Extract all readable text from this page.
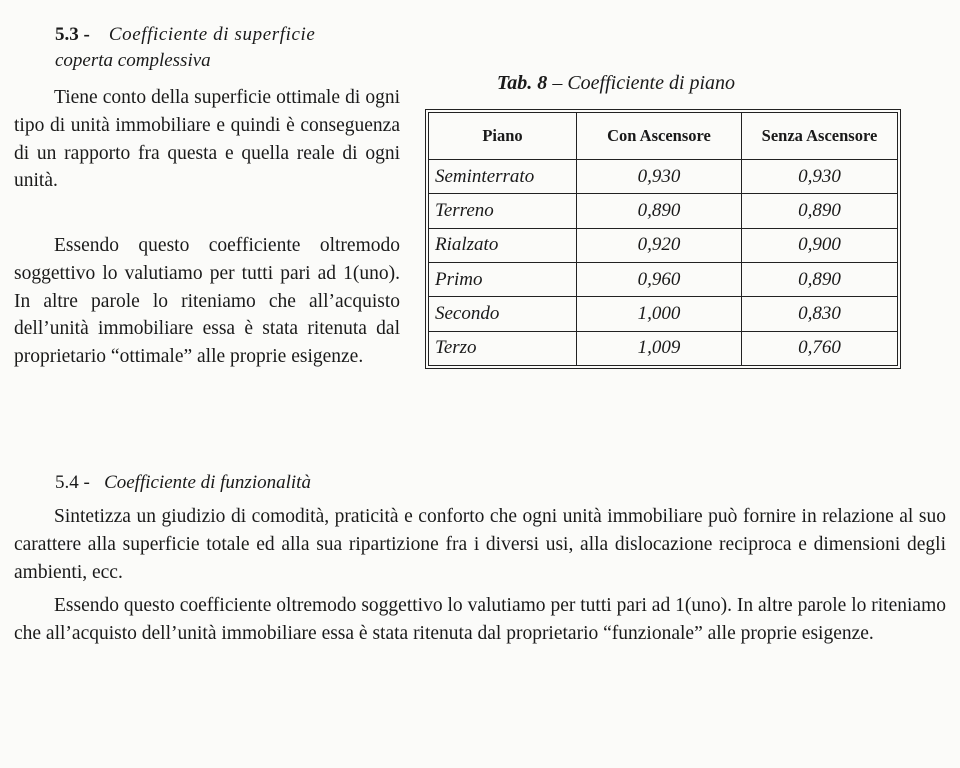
5.3 - Coefficiente di superficie
coperta complessiva
Tiene conto della superficie ottimale di ogni tipo di unità immobiliare e quindi è conseguenza di un rapporto fra questa e quella reale di ogni unità.
Essendo questo coefficiente oltremodo soggettivo lo valutiamo per tutti pari ad 1(uno). In altre parole lo riteniamo che all’acquisto dell’unità immobiliare essa è stata ritenuta dal proprietario “ottimale” alle proprie esigenze.
Tab. 8 – Coefficiente di piano
Piano	Con Ascensore	Senza Ascensore
Seminterrato	0,930	0,930
Terreno	0,890	0,890
Rialzato	0,920	0,900
Primo	0,960	0,890
Secondo	1,000	0,830
Terzo	1,009	0,760
5.4 - Coefficiente di funzionalità
Sintetizza un giudizio di comodità, praticità e conforto che ogni unità immobiliare può fornire in relazione al suo carattere alla superficie totale ed alla sua ripartizione fra i diversi usi, alla dislocazione reciproca e dimensioni degli ambienti, ecc.
Essendo questo coefficiente oltremodo soggettivo lo valutiamo per tutti pari ad 1(uno). In altre parole lo riteniamo che all’acquisto dell’unità immobiliare essa è stata ritenuta dal proprietario “funzionale” alle proprie esigenze.
